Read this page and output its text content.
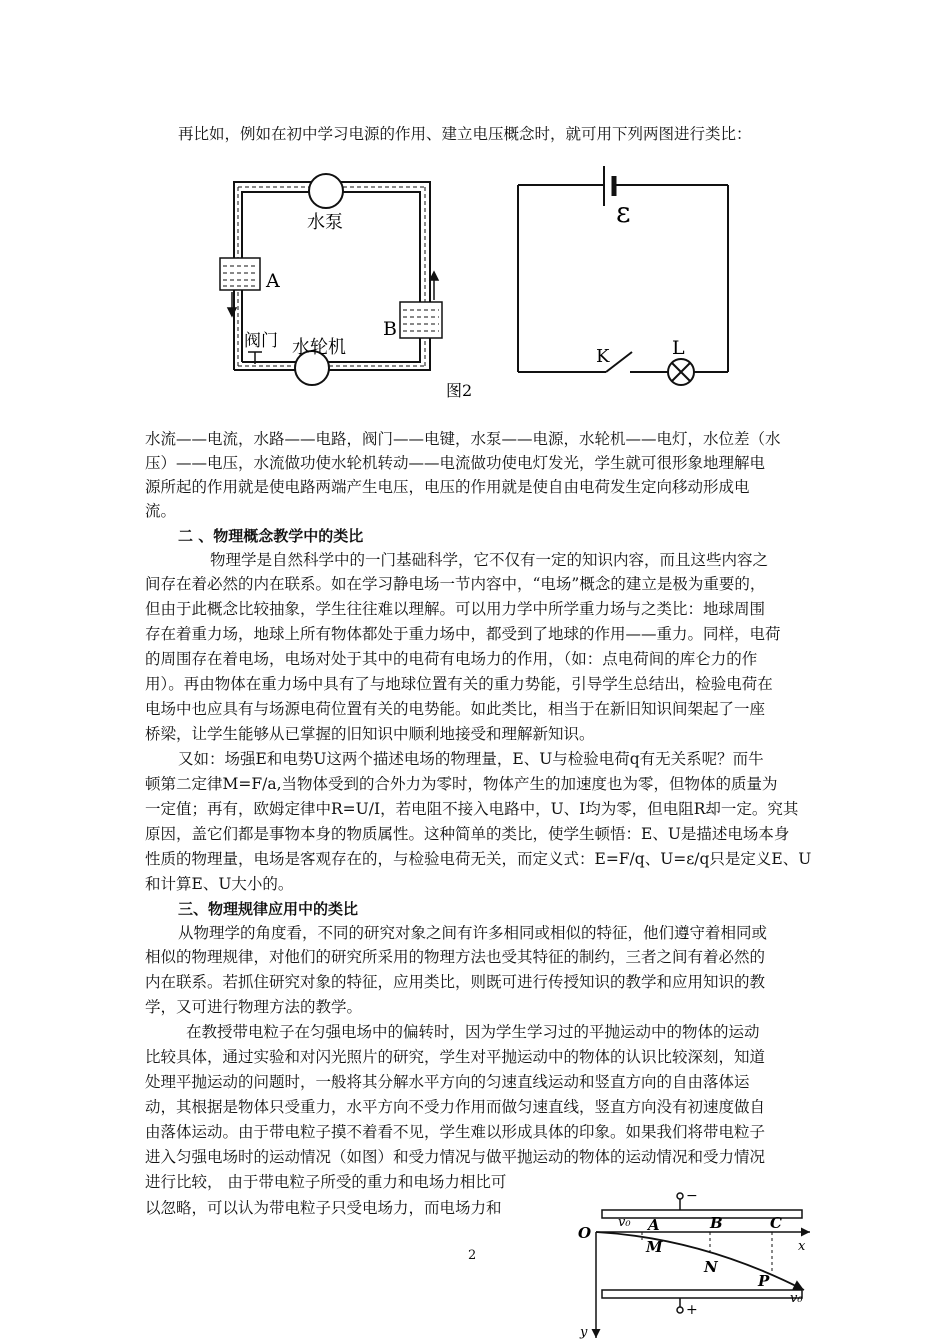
再比如，例如在初中学习电源的作用、建立电压概念时，就可用下列两图进行类比：
水泵
A
B
阀门 水轮机
图2
ε
K	L
水流——电流，水路——电路，阀门——电键，水泵——电源，水轮机——电灯，水位差（水
压）——电压，水流做功使水轮机转动——电流做功使电灯发光，学生就可很形象地理解电
源所起的作用就是使电路两端产生电压，电压的作用就是使自由电荷发生定向移动形成电
流。
二 、物理概念教学中的类比
物理学是自然科学中的一门基础科学，它不仅有一定的知识内容，而且这些内容之
间存在着必然的内在联系。如在学习静电场一节内容中，“电场”概念的建立是极为重要的，
但由于此概念比较抽象，学生往往难以理解。可以用力学中所学重力场与之类比：地球周围
存在着重力场，地球上所有物体都处于重力场中，都受到了地球的作用——重力。同样，电荷
的周围存在着电场，电场对处于其中的电荷有电场力的作用，（如：点电荷间的库仑力的作
用）。再由物体在重力场中具有了与地球位置有关的重力势能，引导学生总结出，检验电荷在
电场中也应具有与场源电荷位置有关的电势能。如此类比，相当于在新旧知识间架起了一座
桥梁，让学生能够从已掌握的旧知识中顺利地接受和理解新知识。
又如：场强E和电势U这两个描述电场的物理量，E、U与检验电荷q有无关系呢？而牛
顿第二定律M=F/a,当物体受到的合外力为零时，物体产生的加速度也为零，但物体的质量为
一定值；再有，欧姆定律中R=U/I，若电阻不接入电路中，U、I均为零，但电阻R却一定。究其
原因，盖它们都是事物本身的物质属性。这种简单的类比，使学生顿悟：E、U是描述电场本身
性质的物理量，电场是客观存在的，与检验电荷无关，而定义式：E=F/q、U=ε/q只是定义E、U
和计算E、U大小的。
三、物理规律应用中的类比
从物理学的角度看，不同的研究对象之间有许多相同或相似的特征，他们遵守着相同或
相似的物理规律，对他们的研究所采用的物理方法也受其特征的制约，三者之间有着必然的
内在联系。若抓住研究对象的特征，应用类比，则既可进行传授知识的教学和应用知识的教
学，又可进行物理方法的教学。
在教授带电粒子在匀强电场中的偏转时，因为学生学习过的平抛运动中的物体的运动
比较具体，通过实验和对闪光照片的研究，学生对平抛运动中的物体的认识比较深刻，知道
处理平抛运动的问题时，一般将其分解水平方向的匀速直线运动和竖直方向的自由落体运
动，其根据是物体只受重力，水平方向不受力作用而做匀速直线，竖直方向没有初速度做自
由落体运动。由于带电粒子摸不着看不见，学生难以形成具体的印象。如果我们将带电粒子
进入匀强电场时的运动情况（如图）和受力情况与做平抛运动的物体的运动情况和受力情况
进行比较， 由于带电粒子所受的重力和电场力相比可
以忽略，可以认为带电粒子只受电场力，而电场力和
−
+
O
v₀ A	B	C
M
N
P
x
y
v₀
2
